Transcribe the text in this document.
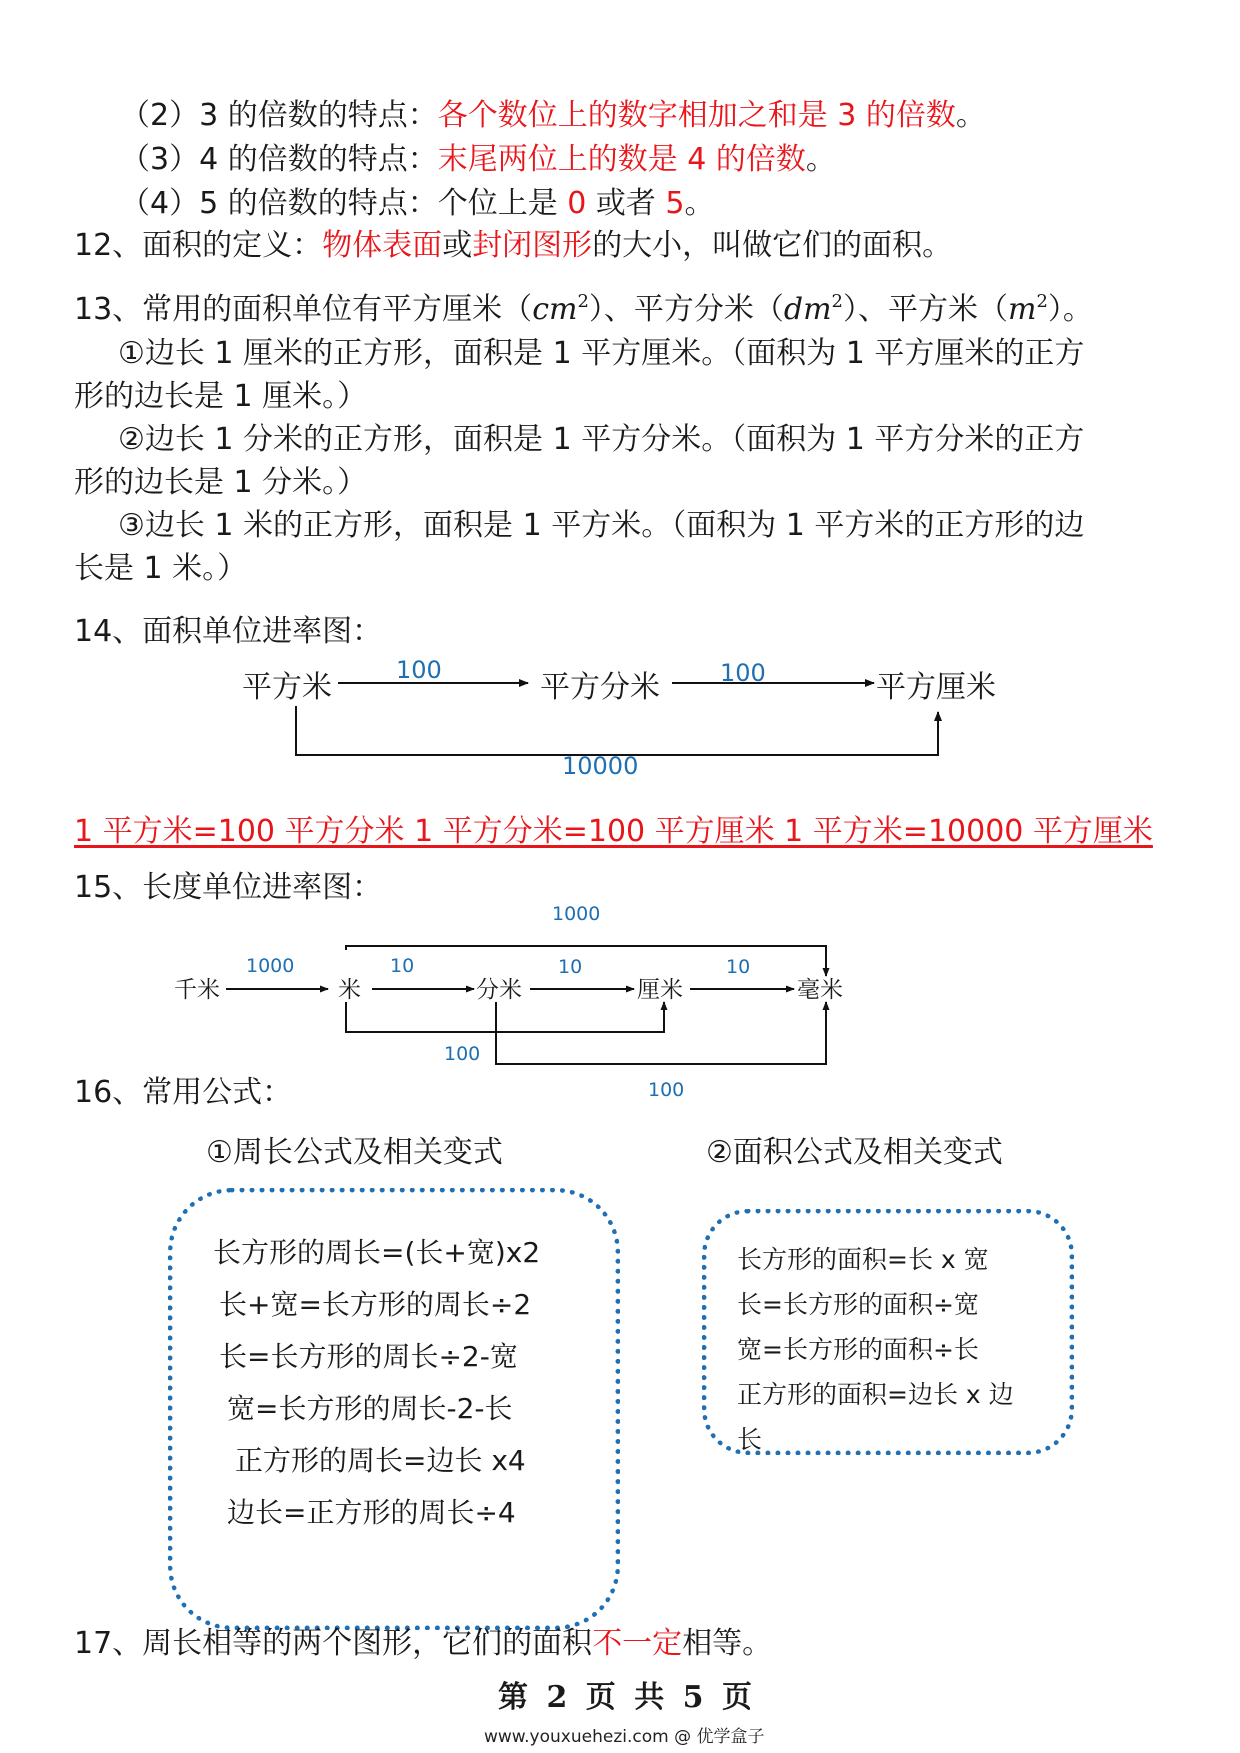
（2）3 的倍数的特点：各个数位上的数字相加之和是 3 的倍数。
（3）4 的倍数的特点：末尾两位上的数是 4 的倍数。
（4）5 的倍数的特点：个位上是 0 或者 5。
12、面积的定义：物体表面或封闭图形的大小，叫做它们的面积。
13、常用的面积单位有平方厘米$(cm^2)$、平方分米$(dm^2)$、平方米$(m^2)$。
①边长 1 厘米的正方形，面积是 1 平方厘米。（面积为 1 平方厘米的正方
形的边长是 1 厘米。）
②边长 1 分米的正方形，面积是 1 平方分米。（面积为 1 平方分米的正方
形的边长是 1 分米。）
③边长 1 米的正方形，面积是 1 平方米。（面积为 1 平方米的正方形的边
长是 1 米。）
14、面积单位进率图：
平方米	平方分米	平方厘米
100	100
10000
1 平方米=100 平方分米 1 平方分米=100 平方厘米 1 平方米=10000 平方厘米
15、长度单位进率图：
1000
千米	米	分米	厘米	毫米
1000	10	10	10
100
100
16、常用公式：
①周长公式及相关变式	②面积公式及相关变式
长方形的周长=(长+宽)x2
长+宽=长方形的周长÷2
长=长方形的周长÷2-宽
宽=长方形的周长-2-长
正方形的周长=边长 x4
边长=正方形的周长÷4
长方形的面积=长 x 宽
长=长方形的面积÷宽
宽=长方形的面积÷长
正方形的面积=边长 x 边
长
17、周长相等的两个图形，它们的面积不一定相等。
第 2 页 共 5 页
www.youxuehezi.com @ 优学盒子
